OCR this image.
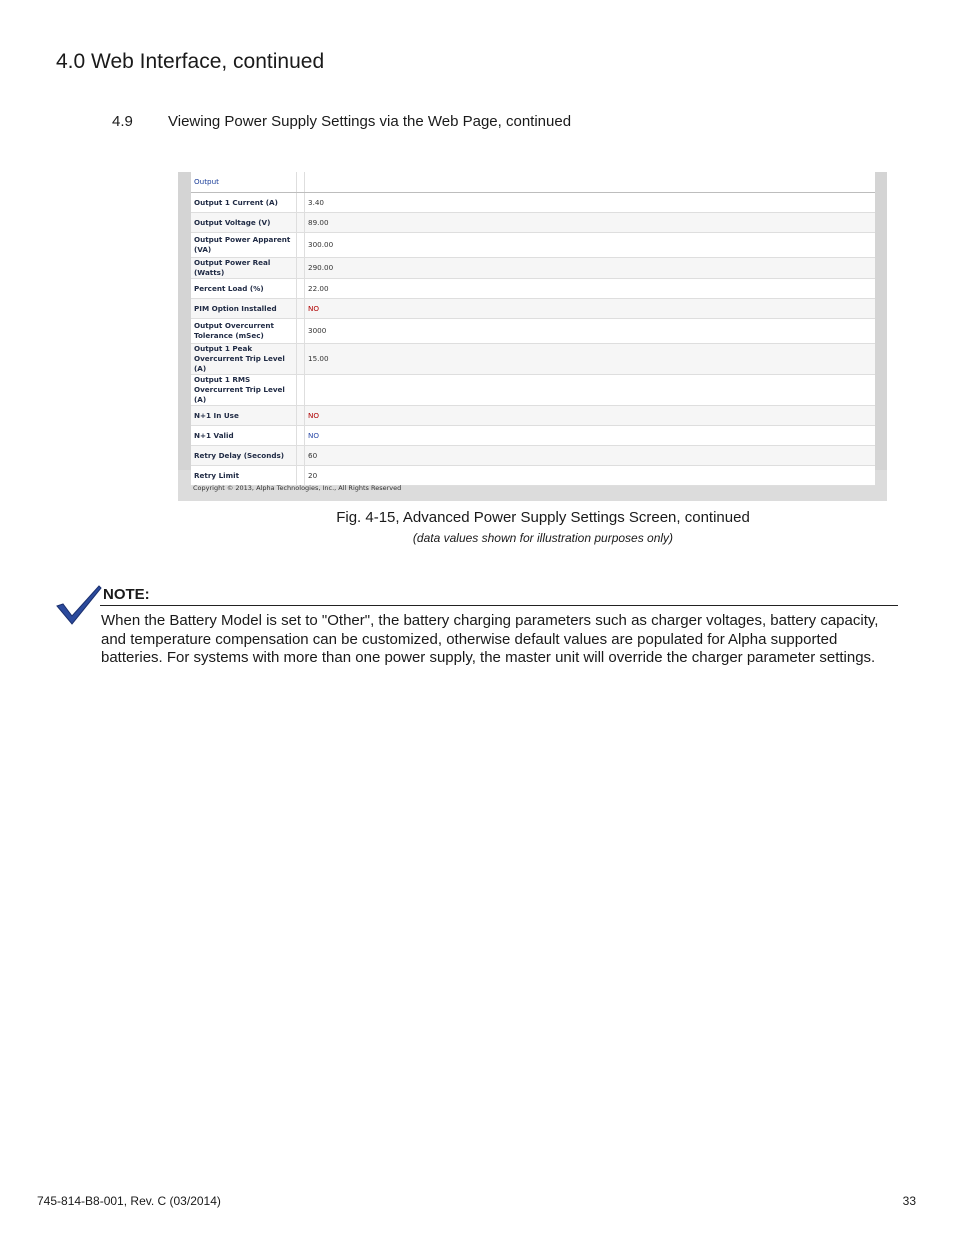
4.0 Web Interface, continued
4.9 Viewing Power Supply Settings via the Web Page, continued
Output		
Output 1 Current (A)		3.40
Output Voltage (V)		89.00
Output Power Apparent (VA)		300.00
Output Power Real (Watts)		290.00
Percent Load (%)		22.00
PIM Option Installed		NO
Output Overcurrent Tolerance (mSec)		3000
Output 1 Peak Overcurrent Trip Level (A)		15.00
Output 1 RMS Overcurrent Trip Level (A)		
N+1 In Use		NO
N+1 Valid		NO
Retry Delay (Seconds)		60
Retry Limit		20
Copyright © 2013, Alpha Technologies, Inc., All Rights Reserved
Fig. 4-15, Advanced Power Supply Settings Screen, continued
(data values shown for illustration purposes only)
NOTE:
When the Battery Model is set to "Other", the battery charging parameters such as charger voltages, battery capacity, and temperature compensation can be customized, otherwise default values are populated for Alpha supported batteries. For systems with more than one power supply, the master unit will override the charger parameter settings.
745-814-B8-001, Rev. C (03/2014)	33
